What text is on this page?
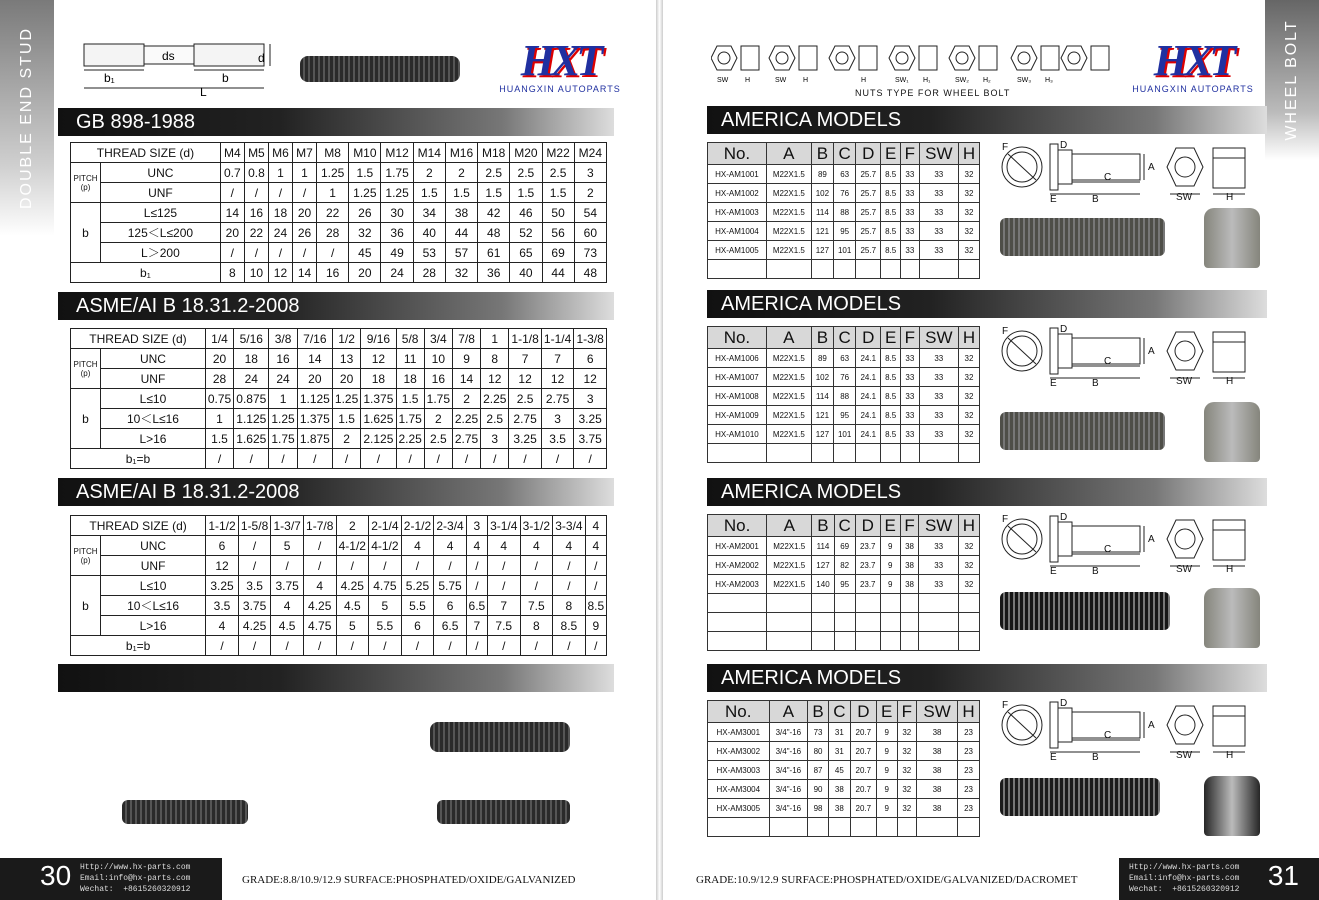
DOUBLE END STUD	b₁
ds
b
d
L
HXT
HUANGXIN AUTOPARTS
GB 898-1988
THREAD SIZE (d)		M4	M5	M6	M7	M8	M10	M12	M14	M16	M18	M20	M22	M24
PITCH (p)	UNC	0.7	0.8	1	1	1.25	1.5	1.75	2	2	2.5	2.5	2.5	3
	UNF	/	/	/	/	1	1.25	1.25	1.5	1.5	1.5	1.5	1.5	2
b	L≤125	14	16	18	20	22	26	30	34	38	42	46	50	54
	125＜L≤200	20	22	24	26	28	32	36	40	44	48	52	56	60
	L＞200	/	/	/	/	/	45	49	53	57	61	65	69	73
b₁		8	10	12	14	16	20	24	28	32	36	40	44	48
ASME/AI B 18.31.2-2008
THREAD SIZE (d)		1/4	5/16	3/8	7/16	1/2	9/16	5/8	3/4	7/8	1	1-1/8	1-1/4	1-3/8
PITCH (p)	UNC	20	18	16	14	13	12	11	10	9	8	7	7	6
	UNF	28	24	24	20	20	18	18	16	14	12	12	12	12
b	L≤10	0.75	0.875	1	1.125	1.25	1.375	1.5	1.75	2	2.25	2.5	2.75	3
	10＜L≤16	1	1.125	1.25	1.375	1.5	1.625	1.75	2	2.25	2.5	2.75	3	3.25
	L>16	1.5	1.625	1.75	1.875	2	2.125	2.25	2.5	2.75	3	3.25	3.5	3.75
b₁=b		/	/	/	/	/	/	/	/	/	/	/	/	/
ASME/AI B 18.31.2-2008
THREAD SIZE (d)		1-1/2	1-5/8	1-3/7	1-7/8	2	2-1/4	2-1/2	2-3/4	3	3-1/4	3-1/2	3-3/4	4
PITCH (p)	UNC	6	/	5	/	4-1/2	4-1/2	4	4	4	4	4	4	4
	UNF	12	/	/	/	/	/	/	/	/	/	/	/	/
b	L≤10	3.25	3.5	3.75	4	4.25	4.75	5.25	5.75	/	/	/	/	/
	10＜L≤16	3.5	3.75	4	4.25	4.5	5	5.5	6	6.5	7	7.5	8	8.5
	L>16	4	4.25	4.5	4.75	5	5.5	6	6.5	7	7.5	8	8.5	9
b₁=b		/	/	/	/	/	/	/	/	/	/	/	/	/
30 Http://www.hx-parts.com
Email:info@hx-parts.com
Wechat:  +8615260320912
GRADE:8.8/10.9/12.9 SURFACE:PHOSPHATED/OXIDE/GALVANIZED
WHEEL BOLT
SW H	SW H	H	SW₁ H₁	SW₂ H₂	SW₃ H₃
NUTS TYPE FOR WHEEL BOLT
HXT
HUANGXIN AUTOPARTS
AMERICA MODELS
No.	A	B	C	D	E	F	SW	H
HX-AM1001	M22X1.5	89	63	25.7	8.5	33	33	32
HX-AM1002	M22X1.5	102	76	25.7	8.5	33	33	32
HX-AM1003	M22X1.5	114	88	25.7	8.5	33	33	32
HX-AM1004	M22X1.5	121	95	25.7	8.5	33	33	32
HX-AM1005	M22X1.5	127	101	25.7	8.5	33	33	32

F	D
A
C
E	B	SW	H
AMERICA MODELS
No.	A	B	C	D	E	F	SW	H
HX-AM1006	M22X1.5	89	63	24.1	8.5	33	33	32
HX-AM1007	M22X1.5	102	76	24.1	8.5	33	33	32
HX-AM1008	M22X1.5	114	88	24.1	8.5	33	33	32
HX-AM1009	M22X1.5	121	95	24.1	8.5	33	33	32
HX-AM1010	M22X1.5	127	101	24.1	8.5	33	33	32

F	D
A
C
E	B	SW	H
AMERICA MODELS
No.	A	B	C	D	E	F	SW	H
HX-AM2001	M22X1.5	114	69	23.7	9	38	33	32
HX-AM2002	M22X1.5	127	82	23.7	9	38	33	32
HX-AM2003	M22X1.5	140	95	23.7	9	38	33	32

F	D
A
C
E	B	SW	H
AMERICA MODELS
No.	A	B	C	D	E	F	SW	H
HX-AM3001	3/4"-16	73	31	20.7	9	32	38	23
HX-AM3002	3/4"-16	80	31	20.7	9	32	38	23
HX-AM3003	3/4"-16	87	45	20.7	9	32	38	23
HX-AM3004	3/4"-16	90	38	20.7	9	32	38	23
HX-AM3005	3/4"-16	98	38	20.7	9	32	38	23

F	D
A
C
E	B	SW	H
GRADE:10.9/12.9 SURFACE:PHOSPHATED/OXIDE/GALVANIZED/DACROMET
Http://www.hx-parts.com
Email:info@hx-parts.com
Wechat:  +8615260320912 31
